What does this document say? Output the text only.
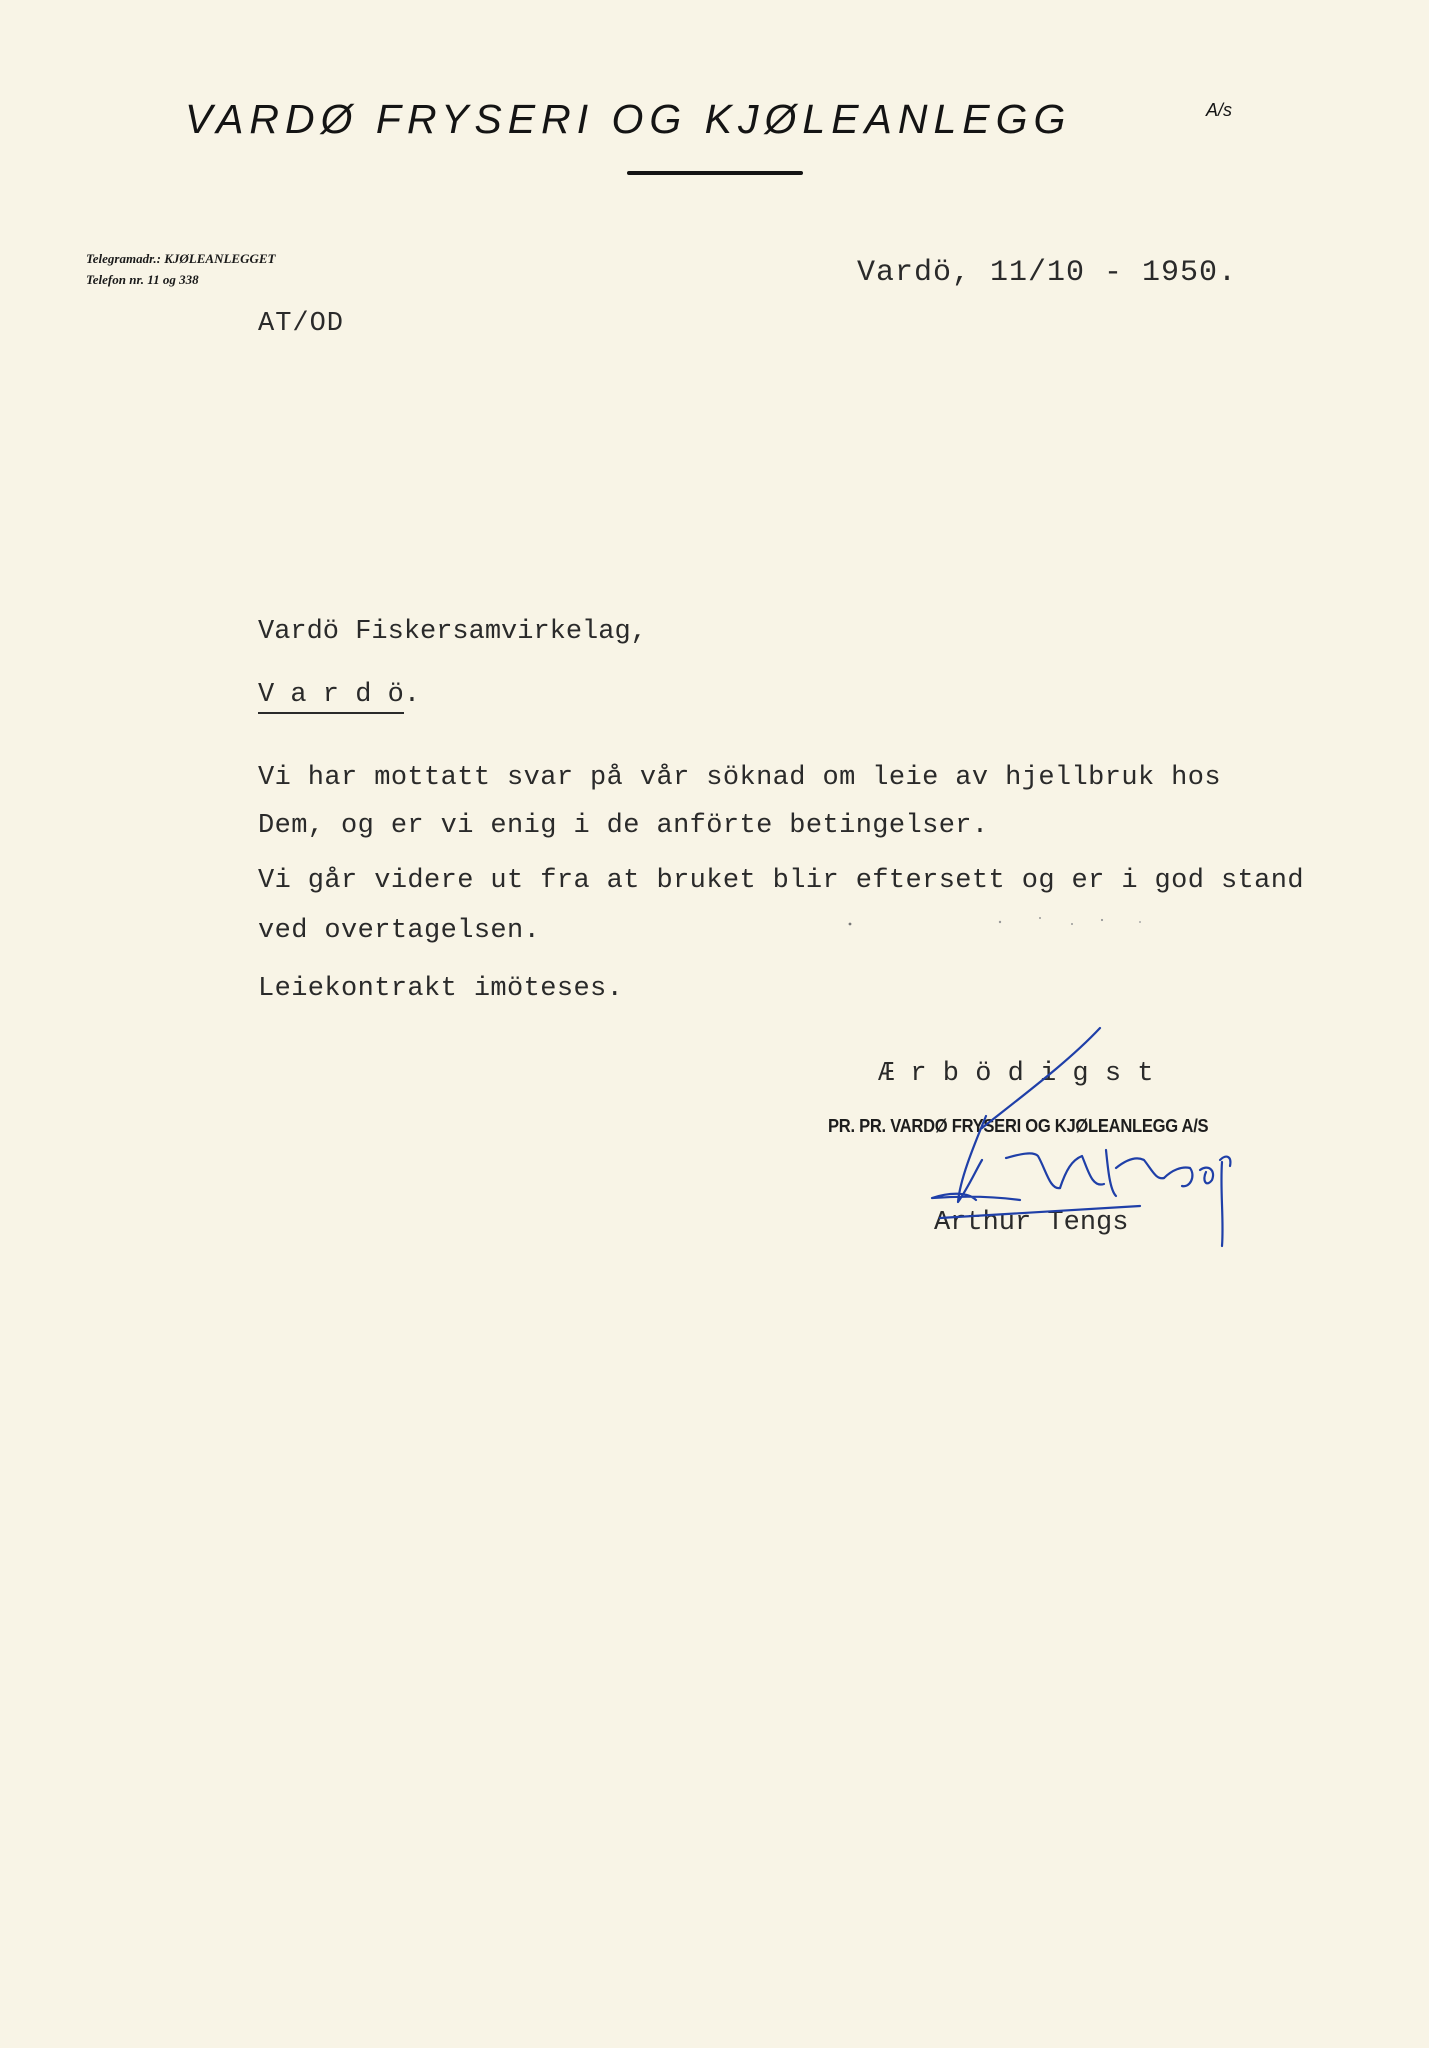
VARDØ FRYSERI OG KJØLEANLEGG	A/s
Telegramadr.: KJØLEANLEGGET
Telefon nr. 11 og 338	Vardö, 11/10 - 1950.
AT/OD
Vardö Fiskersamvirkelag,
V a r d ö.
Vi har mottatt svar på vår söknad om leie av hjellbruk hos
Dem, og er vi enig i de anförte betingelser.
Vi går videre ut fra at bruket blir eftersett og er i god stand
ved overtagelsen.
Leiekontrakt imöteses.
Æ r b ö d i g s t
PR. PR. VARDØ FRYSERI OG KJØLEANLEGG A/S
Arthur Tengs
